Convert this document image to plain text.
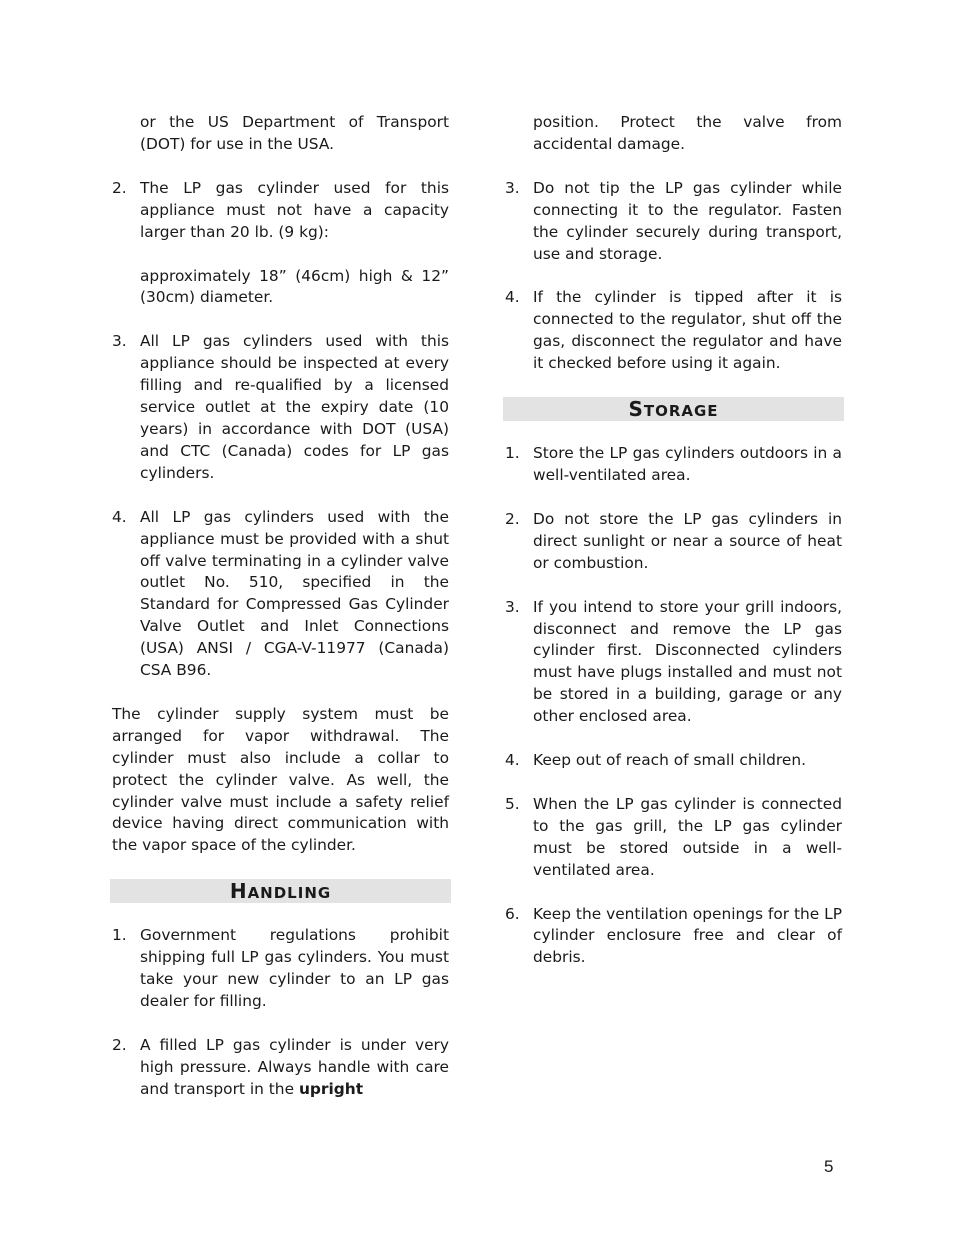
or the US Department of Transport (DOT) for use in the USA.

2. The LP gas cylinder used for this appliance must not have a capacity larger than 20 lb. (9 kg):

approximately 18” (46cm) high & 12” (30cm) diameter.

3. All LP gas cylinders used with this appliance should be inspected at every filling and re-qualified by a licensed service outlet at the expiry date (10 years) in accordance with DOT (USA) and CTC (Canada) codes for LP gas cylinders.

4. All LP gas cylinders used with the appliance must be provided with a shut off valve terminating in a cylinder valve outlet No. 510, specified in the Standard for Compressed Gas Cylinder Valve Outlet and Inlet Connections (USA) ANSI / CGA-V-11977 (Canada) CSA B96.

The cylinder supply system must be arranged for vapor withdrawal. The cylinder must also include a collar to protect the cylinder valve. As well, the cylinder valve must include a safety relief device having direct communication with the vapor space of the cylinder.

HANDLING
1. Government regulations prohibit shipping full LP gas cylinders. You must take your new cylinder to an LP gas dealer for filling.

2. A filled LP gas cylinder is under very high pressure. Always handle with care and transport in the upright

position. Protect the valve from accidental damage.

3. Do not tip the LP gas cylinder while connecting it to the regulator. Fasten the cylinder securely during transport, use and storage.

4. If the cylinder is tipped after it is connected to the regulator, shut off the gas, disconnect the regulator and have it checked before using it again.

STORAGE
1. Store the LP gas cylinders outdoors in a well-ventilated area.

2. Do not store the LP gas cylinders in direct sunlight or near a source of heat or combustion.

3. If you intend to store your grill indoors, disconnect and remove the LP gas cylinder first. Disconnected cylinders must have plugs installed and must not be stored in a building, garage or any other enclosed area.

4. Keep out of reach of small children.

5. When the LP gas cylinder is connected to the gas grill, the LP gas cylinder must be stored outside in a well-ventilated area.

6. Keep the ventilation openings for the LP cylinder enclosure free and clear of debris.

5
